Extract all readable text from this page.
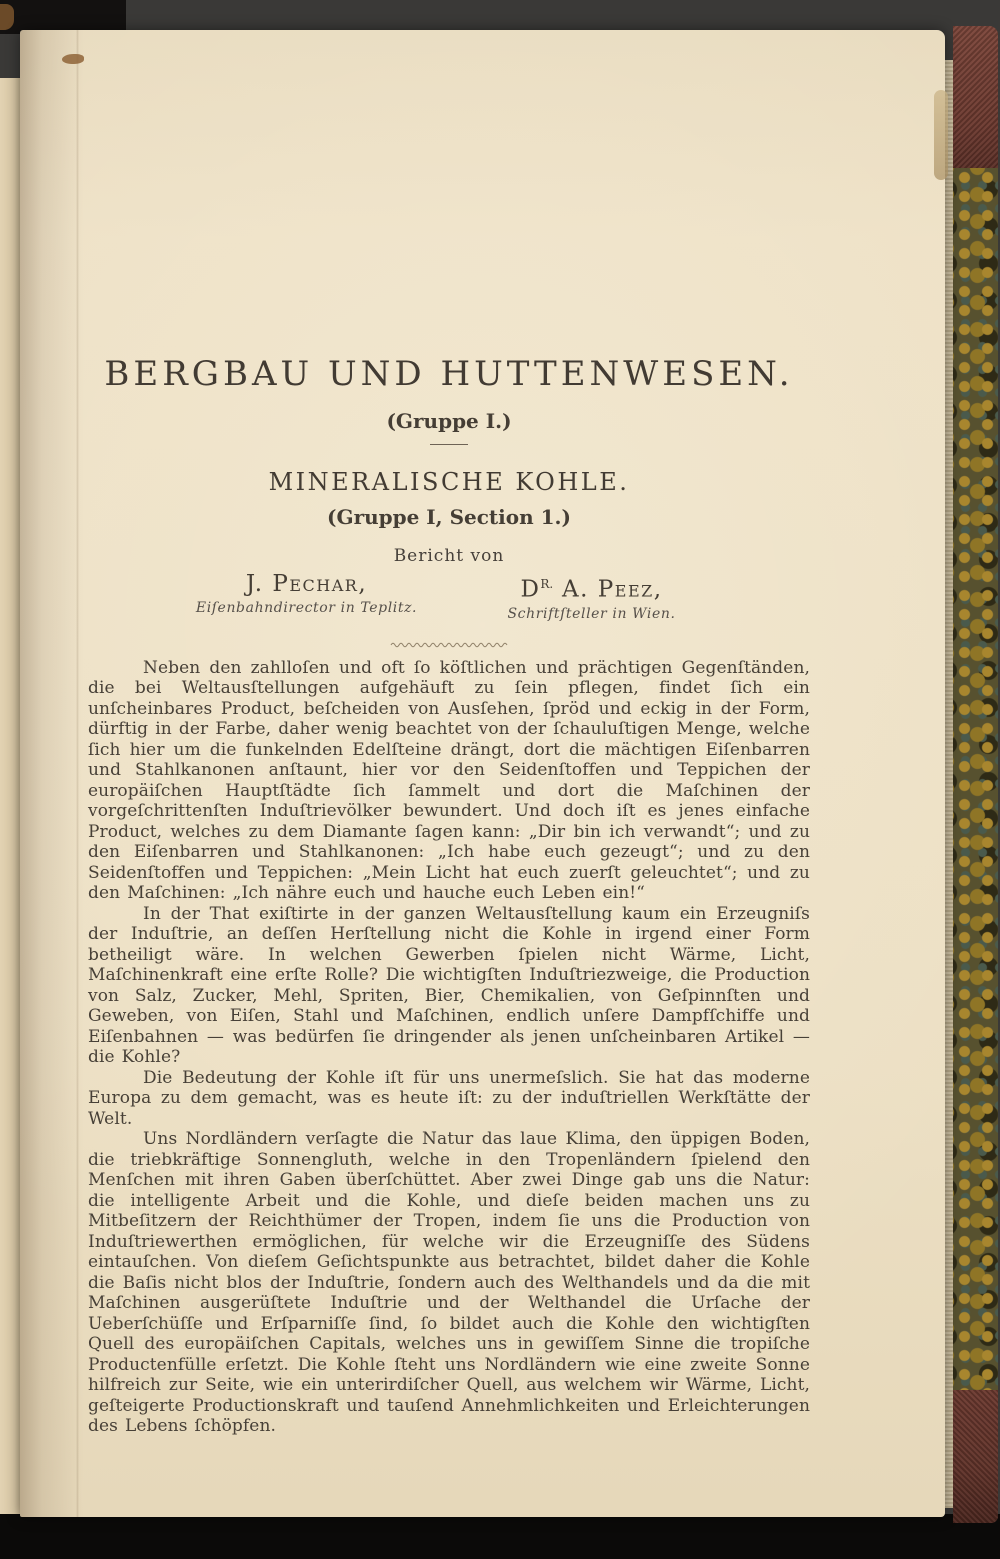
BERGBAU UND HUTTENWESEN.
(Gruppe I.)
MINERALISCHE KOHLE.
(Gruppe I, Section 1.)
Bericht von
J. Pechar,
Eiſenbahndirector in Teplitz.
$D^{R.}$ A. Peez,
Schriftſteller in Wien.

Neben den zahlloſen und oft ſo köſtlichen und prächtigen Gegenſtänden, die bei Weltausſtellungen aufgehäuft zu ſein pflegen, findet ſich ein unſcheinbares Product, beſcheiden von Ausſehen, ſpröd und eckig in der Form, dürftig in der Farbe, daher wenig beachtet von der ſchauluſtigen Menge, welche ſich hier um die funkelnden Edelſteine drängt, dort die mächtigen Eiſenbarren und Stahlkanonen anſtaunt, hier vor den Seidenſtoffen und Teppichen der europäiſchen Hauptſtädte ſich ſammelt und dort die Maſchinen der vorgeſchrittenſten Induſtrievölker bewundert. Und doch iſt es jenes einfache Product, welches zu dem Diamante ſagen kann: „Dir bin ich verwandt“; und zu den Eiſenbarren und Stahlkanonen: „Ich habe euch gezeugt“; und zu den Seidenſtoffen und Teppichen: „Mein Licht hat euch zuerſt geleuchtet“; und zu den Maſchinen: „Ich nähre euch und hauche euch Leben ein!“

In der That exiſtirte in der ganzen Weltausſtellung kaum ein Erzeugniſs der Induſtrie, an deſſen Herſtellung nicht die Kohle in irgend einer Form betheiligt wäre. In welchen Gewerben ſpielen nicht Wärme, Licht, Maſchinenkraft eine erſte Rolle? Die wichtigſten Induſtriezweige, die Production von Salz, Zucker, Mehl, Spriten, Bier, Chemikalien, von Geſpinnſten und Geweben, von Eiſen, Stahl und Maſchinen, endlich unſere Dampfſchiffe und Eiſenbahnen — was bedürfen ſie dringender als jenen unſcheinbaren Artikel — die Kohle?

Die Bedeutung der Kohle iſt für uns unermeſslich. Sie hat das moderne Europa zu dem gemacht, was es heute iſt: zu der induſtriellen Werkſtätte der Welt.

Uns Nordländern verſagte die Natur das laue Klima, den üppigen Boden, die triebkräftige Sonnengluth, welche in den Tropenländern ſpielend den Menſchen mit ihren Gaben überſchüttet. Aber zwei Dinge gab uns die Natur: die intelligente Arbeit und die Kohle, und dieſe beiden machen uns zu Mitbeſitzern der Reichthümer der Tropen, indem ſie uns die Production von Induſtriewerthen ermöglichen, für welche wir die Erzeugniſſe des Südens eintauſchen. Von dieſem Geſichtspunkte aus betrachtet, bildet daher die Kohle die Baſis nicht blos der Induſtrie, ſondern auch des Welthandels und da die mit Maſchinen ausgerüſtete Induſtrie und der Welthandel die Urſache der Ueberſchüſſe und Erſparniſſe ſind, ſo bildet auch die Kohle den wichtigſten Quell des europäiſchen Capitals, welches uns in gewiſſem Sinne die tropiſche Productenfülle erſetzt. Die Kohle ſteht uns Nordländern wie eine zweite Sonne hilfreich zur Seite, wie ein unterirdiſcher Quell, aus welchem wir Wärme, Licht, geſteigerte Productionskraft und tauſend Annehmlichkeiten und Erleichterungen des Lebens ſchöpfen.
